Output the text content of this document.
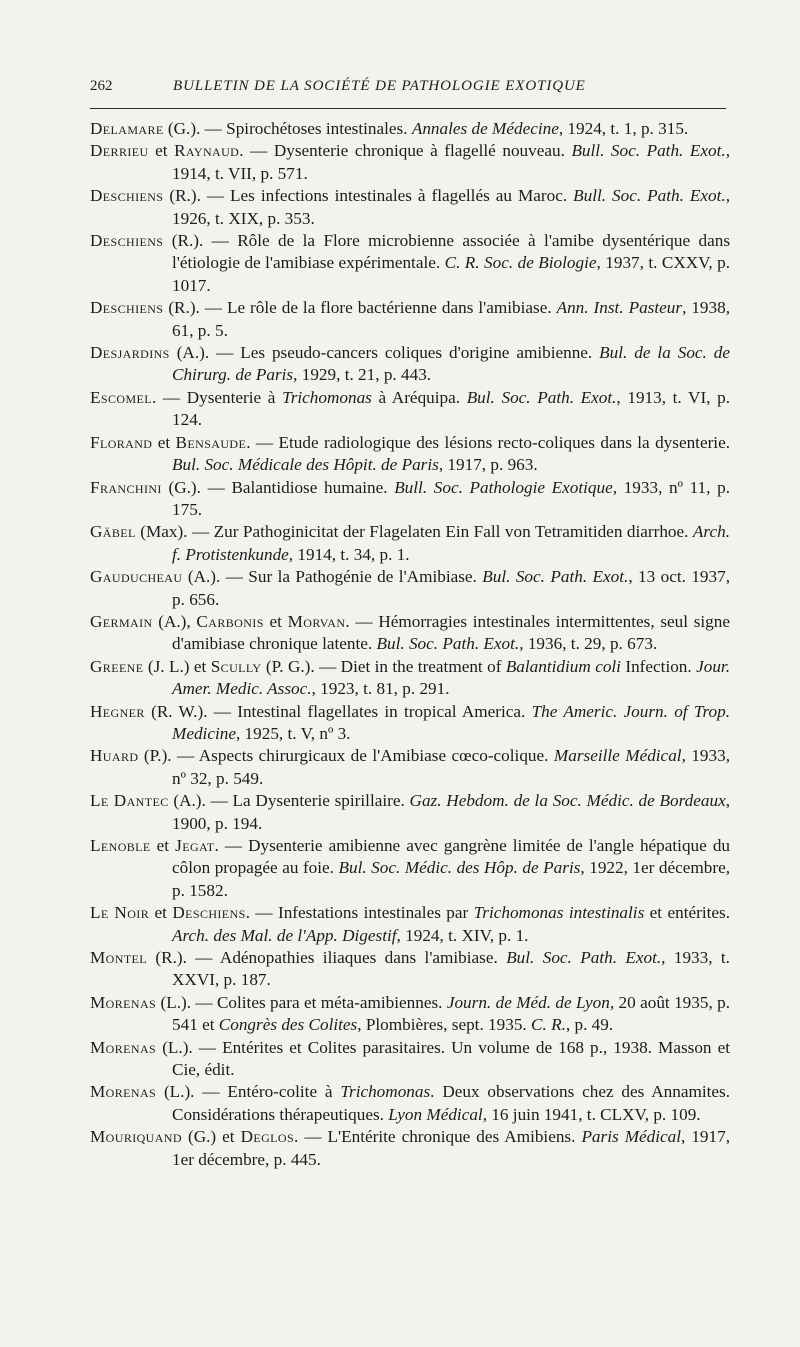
262	BULLETIN DE LA SOCIÉTÉ DE PATHOLOGIE EXOTIQUE
Delamare (G.). — Spirochétoses intestinales. Annales de Médecine, 1924, t. 1, p. 315.
Derrieu et Raynaud. — Dysenterie chronique à flagellé nouveau. Bull. Soc. Path. Exot., 1914, t. VII, p. 571.
Deschiens (R.). — Les infections intestinales à flagellés au Maroc. Bull. Soc. Path. Exot., 1926, t. XIX, p. 353.
Deschiens (R.). — Rôle de la Flore microbienne associée à l'amibe dysentérique dans l'étiologie de l'amibiase expérimentale. C. R. Soc. de Biologie, 1937, t. CXXV, p. 1017.
Deschiens (R.). — Le rôle de la flore bactérienne dans l'amibiase. Ann. Inst. Pasteur, 1938, 61, p. 5.
Desjardins (A.). — Les pseudo-cancers coliques d'origine amibienne. Bul. de la Soc. de Chirurg. de Paris, 1929, t. 21, p. 443.
Escomel. — Dysenterie à Trichomonas à Aréquipa. Bul. Soc. Path. Exot., 1913, t. VI, p. 124.
Florand et Bensaude. — Etude radiologique des lésions recto-coliques dans la dysenterie. Bul. Soc. Médicale des Hôpit. de Paris, 1917, p. 963.
Franchini (G.). — Balantidiose humaine. Bull. Soc. Pathologie Exotique, 1933, nº 11, p. 175.
Gäbel (Max). — Zur Pathoginicitat der Flagelaten Ein Fall von Tetramitiden diarrhoe. Arch. f. Protistenkunde, 1914, t. 34, p. 1.
Gauducheau (A.). — Sur la Pathogénie de l'Amibiase. Bul. Soc. Path. Exot., 13 oct. 1937, p. 656.
Germain (A.), Carbonis et Morvan. — Hémorragies intestinales intermittentes, seul signe d'amibiase chronique latente. Bul. Soc. Path. Exot., 1936, t. 29, p. 673.
Greene (J. L.) et Scully (P. G.). — Diet in the treatment of Balantidium coli Infection. Jour. Amer. Medic. Assoc., 1923, t. 81, p. 291.
Hegner (R. W.). — Intestinal flagellates in tropical America. The Americ. Journ. of Trop. Medicine, 1925, t. V, nº 3.
Huard (P.). — Aspects chirurgicaux de l'Amibiase cœco-colique. Marseille Médical, 1933, nº 32, p. 549.
Le Dantec (A.). — La Dysenterie spirillaire. Gaz. Hebdom. de la Soc. Médic. de Bordeaux, 1900, p. 194.
Lenoble et Jegat. — Dysenterie amibienne avec gangrène limitée de l'angle hépatique du côlon propagée au foie. Bul. Soc. Médic. des Hôp. de Paris, 1922, 1er décembre, p. 1582.
Le Noir et Deschiens. — Infestations intestinales par Trichomonas intestinalis et entérites. Arch. des Mal. de l'App. Digestif, 1924, t. XIV, p. 1.
Montel (R.). — Adénopathies iliaques dans l'amibiase. Bul. Soc. Path. Exot., 1933, t. XXVI, p. 187.
Morenas (L.). — Colites para et méta-amibiennes. Journ. de Méd. de Lyon, 20 août 1935, p. 541 et Congrès des Colites, Plombières, sept. 1935. C. R., p. 49.
Morenas (L.). — Entérites et Colites parasitaires. Un volume de 168 p., 1938. Masson et Cie, édit.
Morenas (L.). — Entéro-colite à Trichomonas. Deux observations chez des Annamites. Considérations thérapeutiques. Lyon Médical, 16 juin 1941, t. CLXV, p. 109.
Mouriquand (G.) et Deglos. — L'Entérite chronique des Amibiens. Paris Médical, 1917, 1er décembre, p. 445.
